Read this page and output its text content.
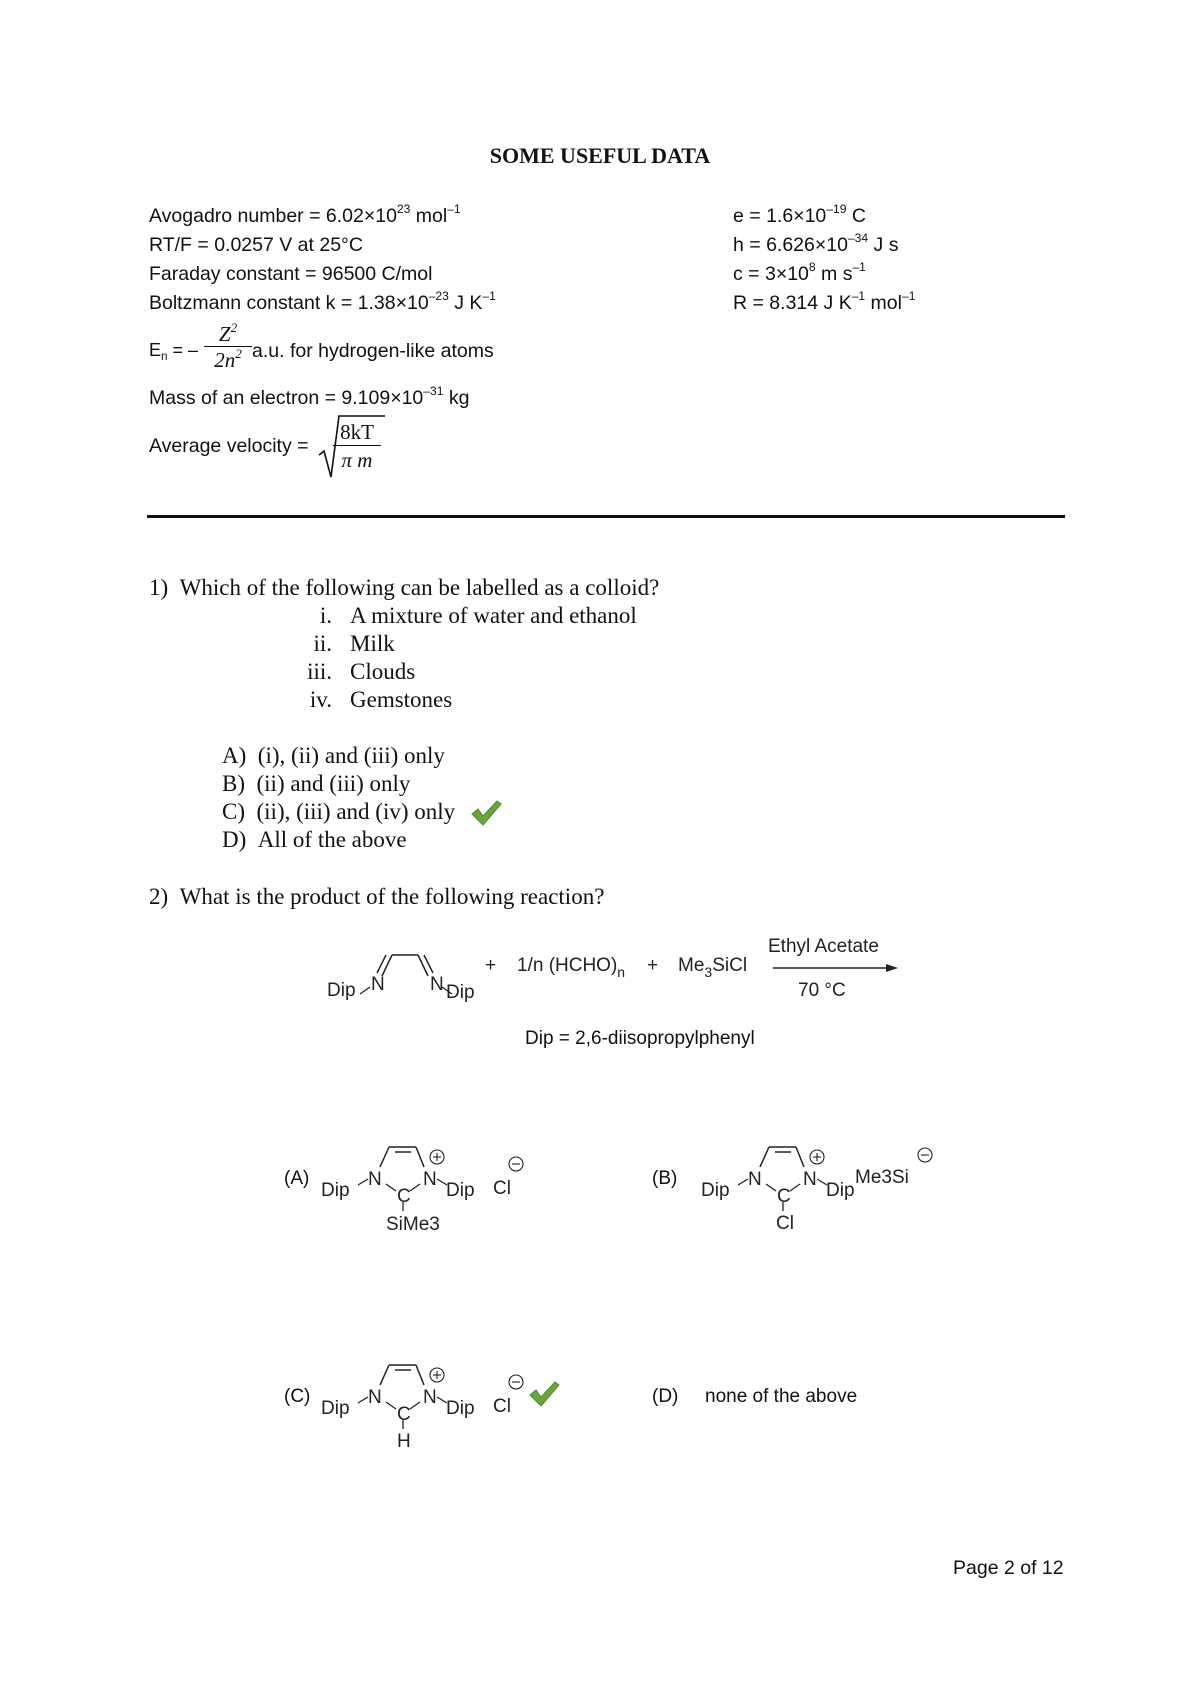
SOME USEFUL DATA
Avogadro number = $6.02\times 10^{23}$ mol$^{-1}$
RT/F = 0.0257 V at 25°C
Faraday constant = 96500 C/mol
Boltzmann constant $k = 1.38\times 10^{-23}$ J $K^{-1}$
$E_n$ = – $\frac{Z^2}{2n^2} a.u$. for hydrogen-like atoms
Mass of an electron = $9.109\times 10^{-31}$ kg
Average velocity = $\frac{8kT}{\text{π m}}$
$e = 1.6\times 10^{-19}$ C
$h = 6.626\times 10^{-34}$ J s
$c = 3\times 10^8$ m $s^{-1}$
R = 8.314 J $K^{-1}$ mol$^{-1}$
1) Which of the following can be labelled as a colloid?
i. A mixture of water and ethanol
ii. Milk
iii. Clouds
iv. Gemstones
A) (i), (ii) and (iii) only
B) (ii) and (iii) only
C) (ii), (iii) and (iv) only
D) All of the above
2) What is the product of the following reaction?
Dip N N Dip
+ 1/n $(HCHO)_n$ + $Me_3SiCl$
Ethyl Acetate
70 °C
Dip = 2,6-diisopropylphenyl
(A)
Dip
N N
C Dip
SiMe3
Cl	(B)
Dip
N N
C Dip
Cl
Me3Si
(C)
Dip
N N
C Dip
H
Cl	(D) none of the above
Page 2 of 12
